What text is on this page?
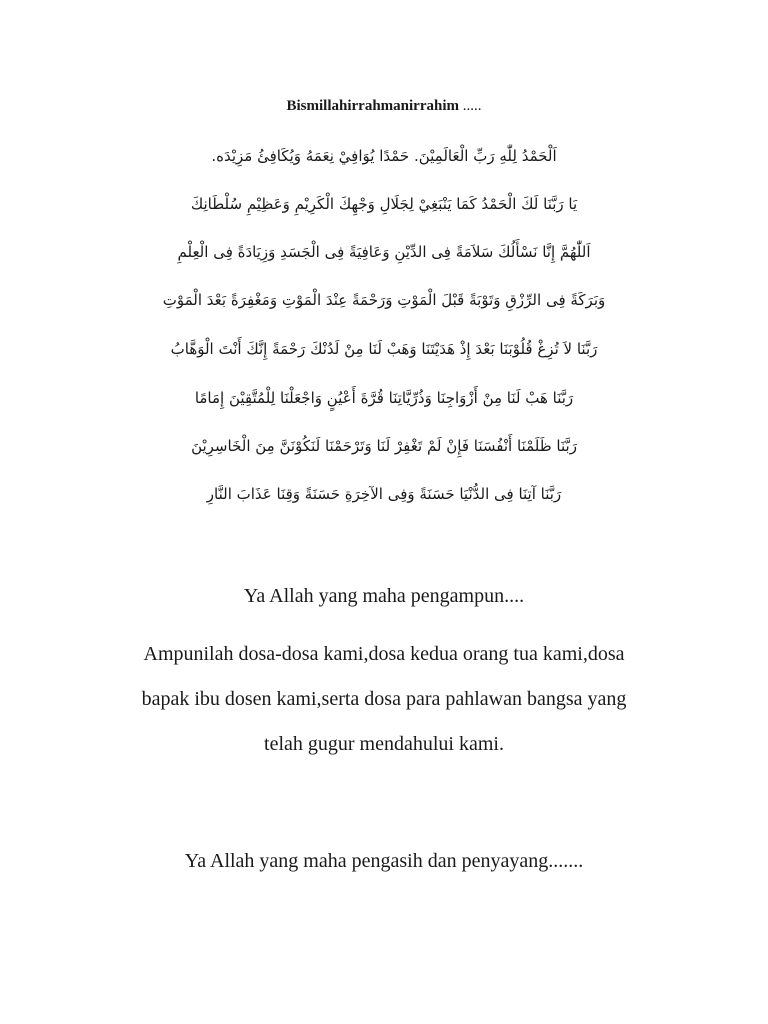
Bismillahirrahmanirrahim .....
اَلْحَمْدُ لِلّٰهِ رَبِّ الْعَالَمِيْنَ. حَمْدًا يُوَافِيْ نِعَمَهُ وَيُكَافِئُ مَزِيْدَه.
يَا رَبَّنَا لَكَ الْحَمْدُ كَمَا يَنْبَغِيْ لِجَلَالِ وَجْهِكَ الْكَرِيْمِ وَعَظِيْمِ سُلْطَانِكَ
اَللّٰهُمَّ إِنَّا نَسْأَلُكَ سَلاَمَةً فِى الدِّيْنِ وَعَافِيَةً فِى الْجَسَدِ وَزِيَادَةً فِى الْعِلْمِ
وَبَرَكَةً فِى الرِّزْقِ وَتَوْبَةً قَبْلَ الْمَوْتِ وَرَحْمَةً عِنْدَ الْمَوْتِ وَمَغْفِرَةً بَعْدَ الْمَوْتِ
رَبَّنَا لاَ تُزِغْ قُلُوْبَنَا بَعْدَ إِذْ هَدَيْتَنَا وَهَبْ لَنَا مِنْ لَدُنْكَ رَحْمَةً إِنَّكَ أَنْتَ الْوَهَّابُ
رَبَّنَا هَبْ لَنَا مِنْ أَزْوَاجِنَا وَذُرِّيَّاتِنَا قُرَّةَ أَعْيُنٍ وَاجْعَلْنَا لِلْمُتَّقِيْنَ إِمَامًا
رَبَّنَا ظَلَمْنَا أَنْفُسَنَا فَإِنْ لَمْ تَغْفِرْ لَنَا وَتَرْحَمْنَا لَنَكُوْنَنَّ مِنَ الْخَاسِرِيْنَ
رَبَّنَا آتِنَا فِى الدُّنْيَا حَسَنَةً وَفِى الآخِرَةِ حَسَنَةً وَقِنَا عَذَابَ النَّارِ
Ya Allah yang maha pengampun....
Ampunilah dosa-dosa kami,dosa kedua orang tua kami,dosa
bapak ibu dosen kami,serta dosa para pahlawan bangsa yang
telah gugur mendahului kami.
Ya Allah yang maha pengasih dan penyayang.......
